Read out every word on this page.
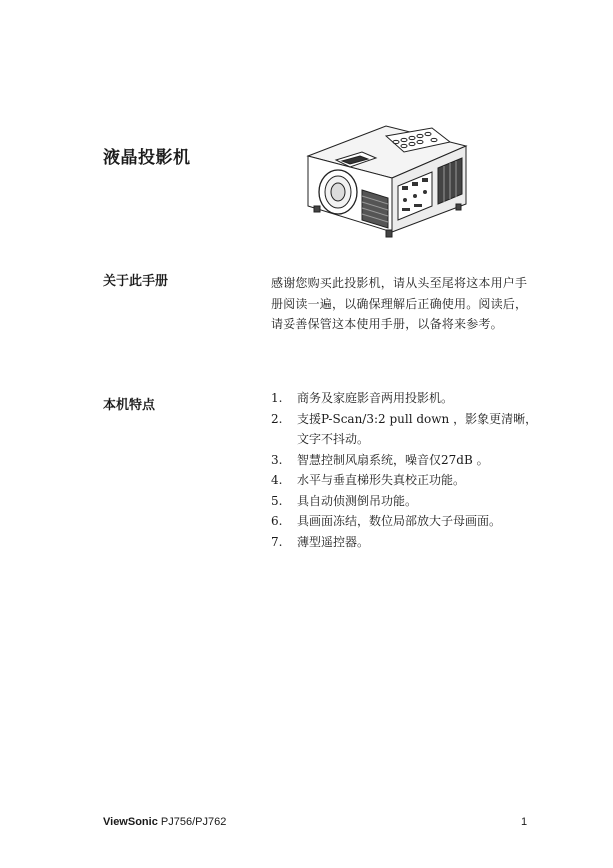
液晶投影机
关于此手册	感谢您购买此投影机，请从头至尾将这本用户手册阅读一遍，以确保理解后正确使用。阅读后，请妥善保管这本使用手册，以备将来参考。
本机特点	1.	商务及家庭影音两用投影机。
2.	支援P-Scan/3:2 pull down ，影象更清晰，文字不抖动。
3.	智慧控制风扇系统，噪音仅27dB 。
4.	水平与垂直梯形失真校正功能。
5.	具自动侦测倒吊功能。
6.	具画面冻结，数位局部放大子母画面。
7.	薄型遥控器。
ViewSonic PJ756/PJ762	1
